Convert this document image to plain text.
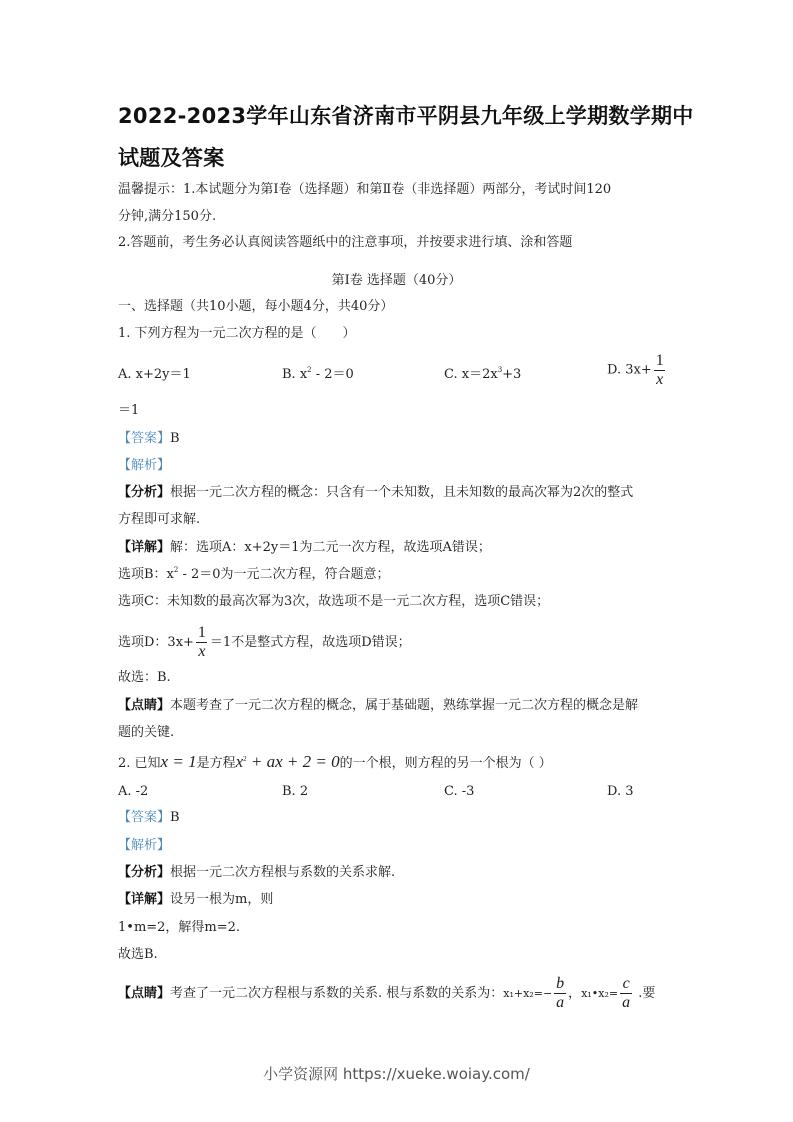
2022-2023学年山东省济南市平阴县九年级上学期数学期中
试题及答案
温馨提示：1.本试题分为第Ⅰ卷（选择题）和第Ⅱ卷（非选择题）两部分，考试时间120
分钟,满分150分.
2.答题前，考生务必认真阅读答题纸中的注意事项，并按要求进行填、涂和答题
第Ⅰ卷 选择题（40分）
一、选择题（共10小题，每小题4分，共40分）
1. 下列方程为一元二次方程的是（　　）
A. x+2y＝1	B. $x^2 - 2=0$	C. $x=2x^3+3$	D. $3x+ \frac{1}{x}$
＝1
【答案】B
【解析】
【分析】根据一元二次方程的概念：只含有一个未知数，且未知数的最高次幂为2次的整式
方程即可求解.
【详解】解：选项A：x+2y＝1为二元一次方程，故选项A错误；
选项B：$x^2 - 2=0$为一元二次方程，符合题意；
选项C：未知数的最高次幂为3次，故选项不是一元二次方程，选项C错误；
选项D：$3x+ \frac{1}{x} =1$不是整式方程，故选项D错误；
故选：B.
【点睛】本题考查了一元二次方程的概念，属于基础题，熟练掌握一元二次方程的概念是解
题的关键.
2. 已知x = 1是方程$x^2$ + ax + 2 = 0的一个根，则方程的另一个根为（ ）
A. -2	B. 2	C. -3	D. 3
【答案】B
【解析】
【分析】根据一元二次方程根与系数的关系求解.
【详解】设另一根为m，则
1•m=2，解得m=2.
故选B.
【点睛】考查了一元二次方程根与系数的关系. 根与系数的关系为：$x_1+x_2=- \frac{b}{a}$ ，x₁•x₂= $\frac{c}{a}$ .要
小学资源网 https://xueke.woiay.com/
